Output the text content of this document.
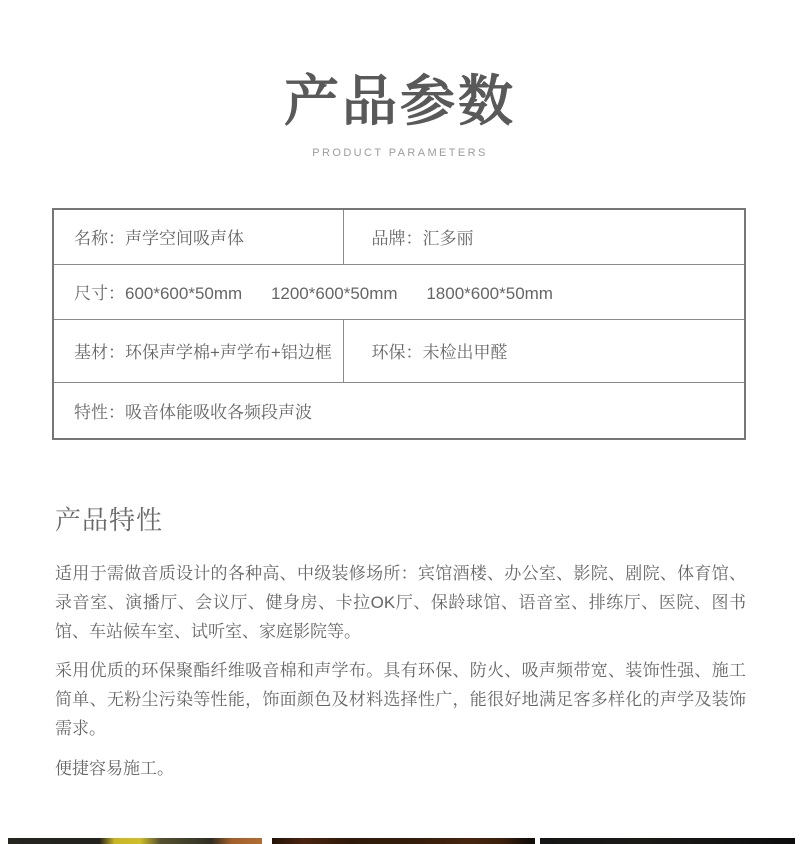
产品参数
PRODUCT PARAMETERS
名称：声学空间吸声体	品牌：汇多丽
尺寸：600*600*50mm 1200*600*50mm 1800*600*50mm	
基材：环保声学棉+声学布+铝边框	环保：未检出甲醛
特性：吸音体能吸收各频段声波	
产品特性

适用于需做音质设计的各种高、中级装修场所：宾馆酒楼、办公室、影院、剧院、体育馆、录音室、演播厅、会议厅、健身房、卡拉OK厅、保龄球馆、语音室、排练厅、医院、图书馆、车站候车室、试听室、家庭影院等。

采用优质的环保聚酯纤维吸音棉和声学布。具有环保、防火、吸声频带宽、装饰性强、施工简单、无粉尘污染等性能，饰面颜色及材料选择性广，能很好地满足客多样化的声学及装饰需求。

便捷容易施工。
